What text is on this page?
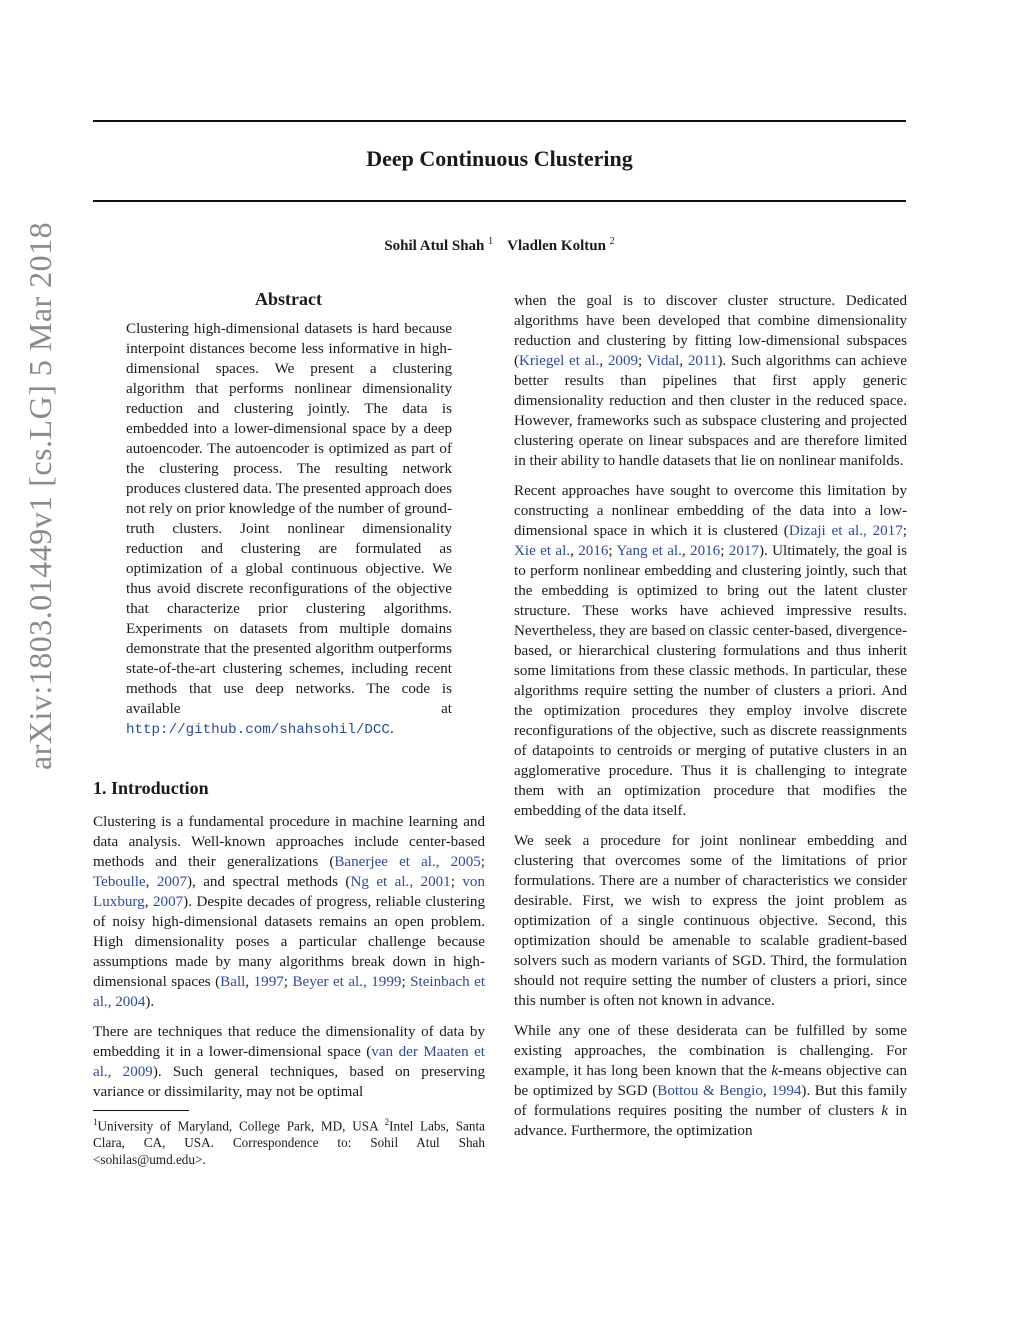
arXiv:1803.01449v1 [cs.LG] 5 Mar 2018
Deep Continuous Clustering
Sohil Atul Shah $^1$ Vladlen Koltun $^2$
Abstract

Clustering high-dimensional datasets is hard because interpoint distances become less informative in high-dimensional spaces. We present a clustering algorithm that performs nonlinear dimensionality reduction and clustering jointly. The data is embedded into a lower-dimensional space by a deep autoencoder. The autoencoder is optimized as part of the clustering process. The resulting network produces clustered data. The presented approach does not rely on prior knowledge of the number of ground-truth clusters. Joint nonlinear dimensionality reduction and clustering are formulated as optimization of a global continuous objective. We thus avoid discrete reconfigurations of the objective that characterize prior clustering algorithms. Experiments on datasets from multiple domains demonstrate that the presented algorithm outperforms state-of-the-art clustering schemes, including recent methods that use deep networks. The code is available at http://github.com/shahsohil/DCC.

1. Introduction

Clustering is a fundamental procedure in machine learning and data analysis. Well-known approaches include center-based methods and their generalizations (Banerjee et al., 2005; Teboulle, 2007), and spectral methods (Ng et al., 2001; von Luxburg, 2007). Despite decades of progress, reliable clustering of noisy high-dimensional datasets remains an open problem. High dimensionality poses a particular challenge because assumptions made by many algorithms break down in high-dimensional spaces (Ball, 1997; Beyer et al., 1999; Steinbach et al., 2004).

There are techniques that reduce the dimensionality of data by embedding it in a lower-dimensional space (van der Maaten et al., 2009). Such general techniques, based on preserving variance or dissimilarity, may not be optimal

$^1$University of Maryland, College Park, MD, USA $^2$Intel Labs, Santa Clara, CA, USA. Correspondence to: Sohil Atul Shah <sohilas@umd.edu>.

when the goal is to discover cluster structure. Dedicated algorithms have been developed that combine dimensionality reduction and clustering by fitting low-dimensional subspaces (Kriegel et al., 2009; Vidal, 2011). Such algorithms can achieve better results than pipelines that first apply generic dimensionality reduction and then cluster in the reduced space. However, frameworks such as subspace clustering and projected clustering operate on linear subspaces and are therefore limited in their ability to handle datasets that lie on nonlinear manifolds.

Recent approaches have sought to overcome this limitation by constructing a nonlinear embedding of the data into a low-dimensional space in which it is clustered (Dizaji et al., 2017; Xie et al., 2016; Yang et al., 2016; 2017). Ultimately, the goal is to perform nonlinear embedding and clustering jointly, such that the embedding is optimized to bring out the latent cluster structure. These works have achieved impressive results. Nevertheless, they are based on classic center-based, divergence-based, or hierarchical clustering formulations and thus inherit some limitations from these classic methods. In particular, these algorithms require setting the number of clusters a priori. And the optimization procedures they employ involve discrete reconfigurations of the objective, such as discrete reassignments of datapoints to centroids or merging of putative clusters in an agglomerative procedure. Thus it is challenging to integrate them with an optimization procedure that modifies the embedding of the data itself.

We seek a procedure for joint nonlinear embedding and clustering that overcomes some of the limitations of prior formulations. There are a number of characteristics we consider desirable. First, we wish to express the joint problem as optimization of a single continuous objective. Second, this optimization should be amenable to scalable gradient-based solvers such as modern variants of SGD. Third, the formulation should not require setting the number of clusters a priori, since this number is often not known in advance.

While any one of these desiderata can be fulfilled by some existing approaches, the combination is challenging. For example, it has long been known that the k-means objective can be optimized by SGD (Bottou & Bengio, 1994). But this family of formulations requires positing the number of clusters k in advance. Furthermore, the optimization
